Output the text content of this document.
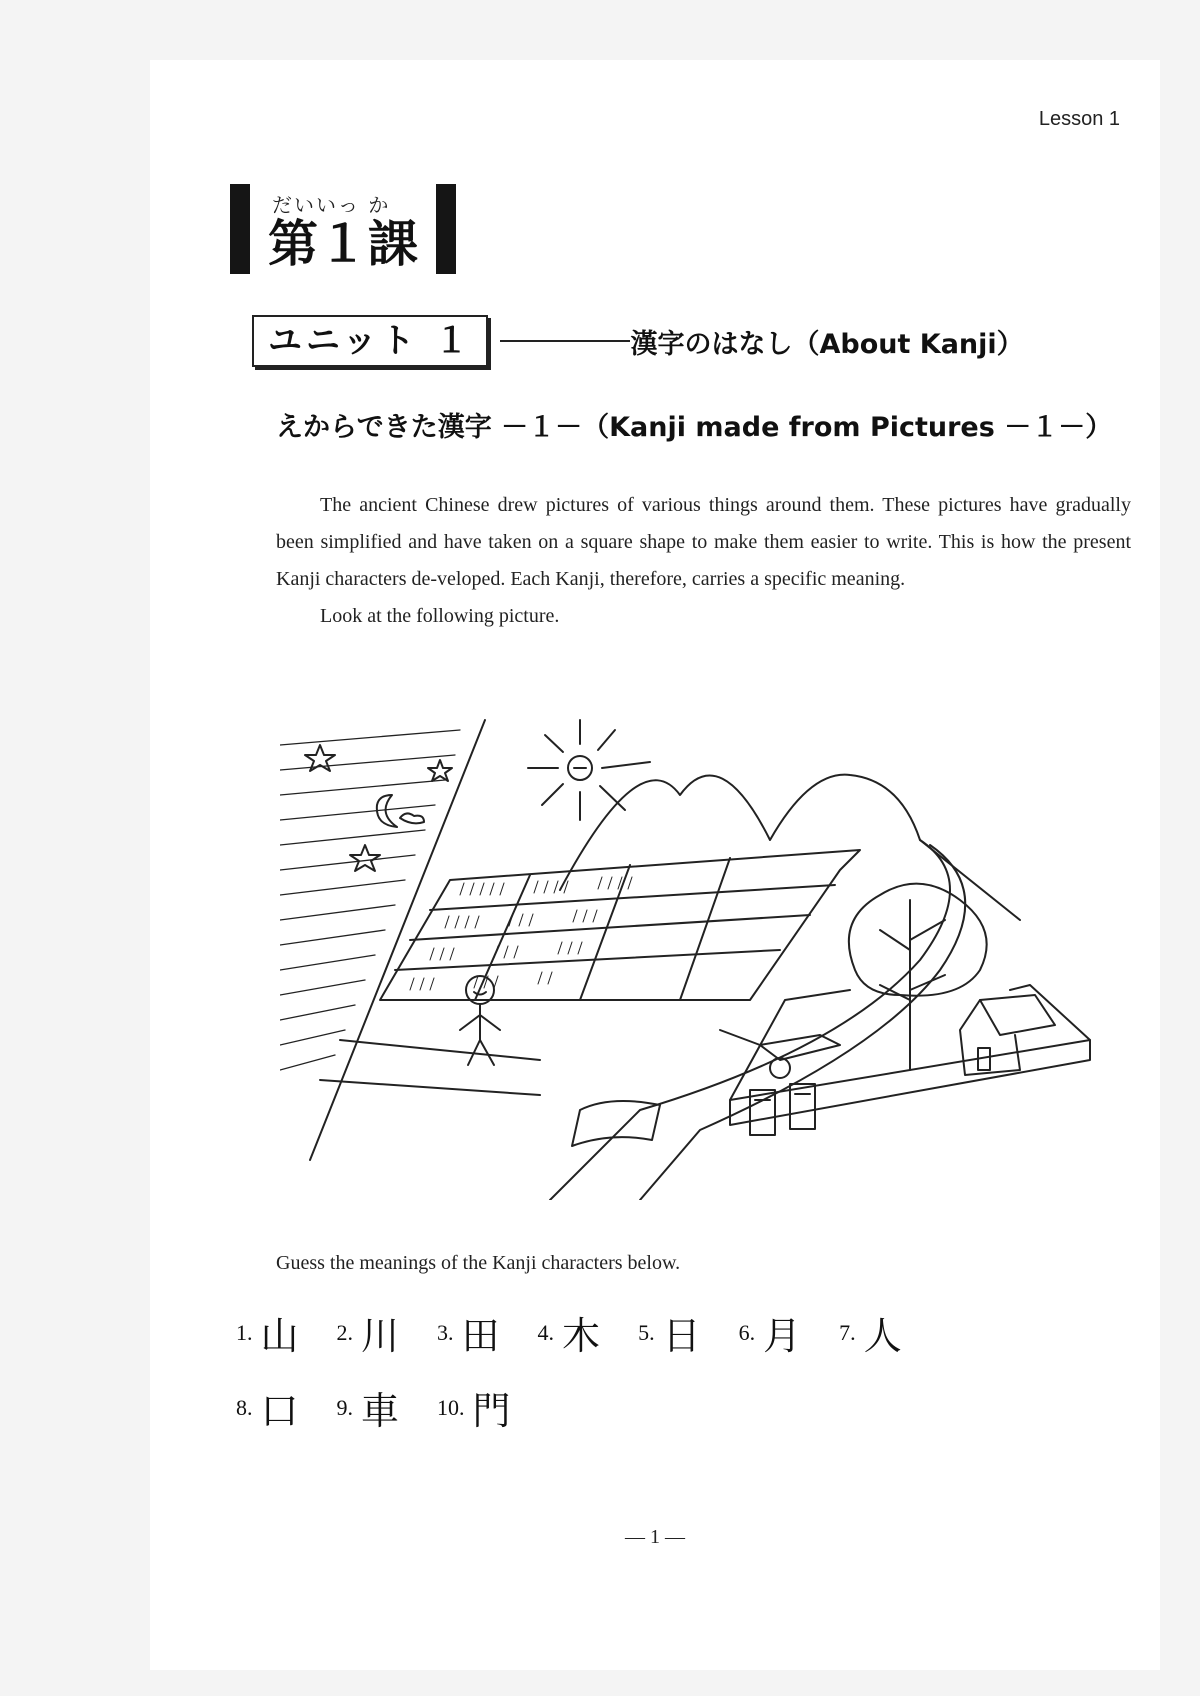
Lesson 1
だいいっ か
第１課
ユニット １	漢字のはなし（About Kanji）
えからできた漢字 －１－（Kanji made from Pictures －１－）

The ancient Chinese drew pictures of various things around them. These pictures have gradually been simplified and have taken on a square shape to make them easier to write. This is how the present Kanji characters de-veloped. Each Kanji, therefore, carries a specific meaning.

Look at the following picture.

Guess the meanings of the Kanji characters below.
1. 山 2. 川 3. 田 4. 木 5. 日 6. 月 7. 人
8. 口 9. 車 10. 門
— 1 —
